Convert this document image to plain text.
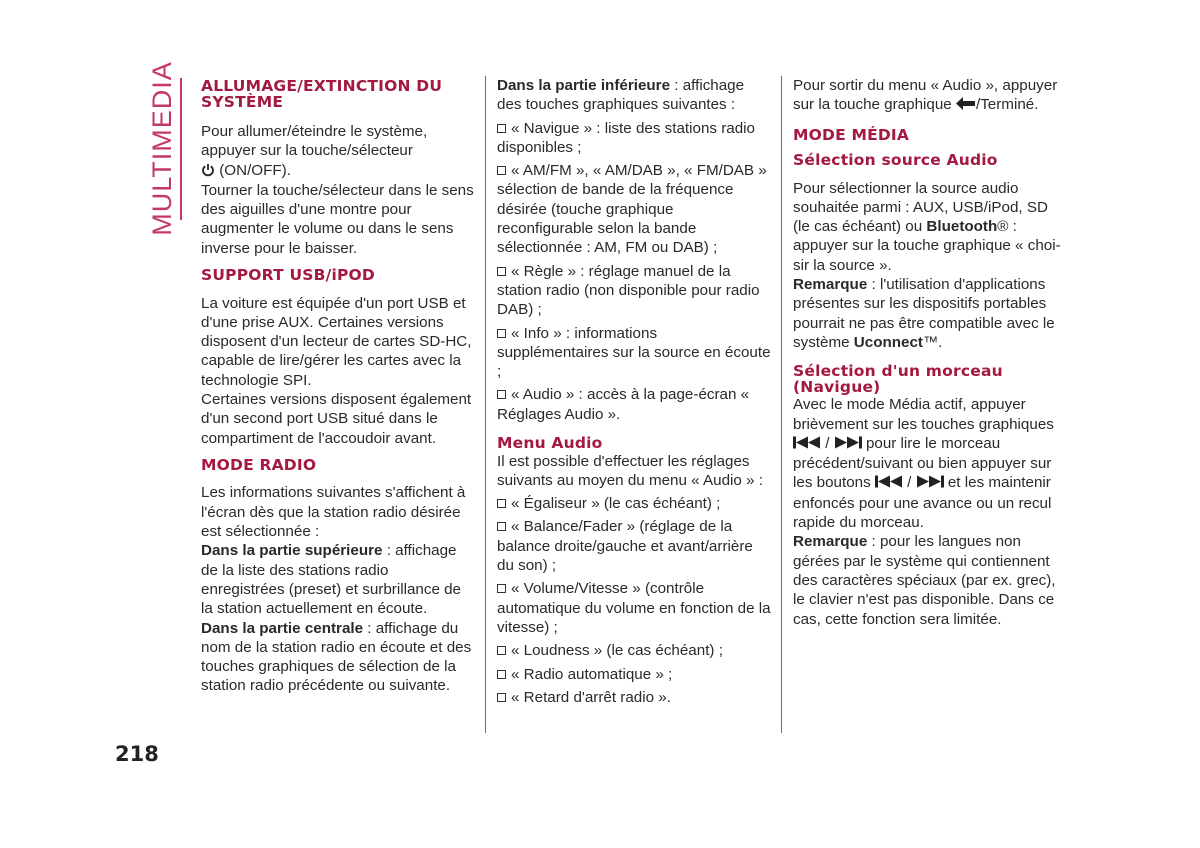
MULTIMEDIA ALLUMAGE/EXTINCTION DU SYSTÈME

Pour allumer/éteindre le système, appuyer sur la touche/sélecteur
(ON/OFF).

Tourner la touche/sélecteur dans le sens des aiguilles d'une montre pour augmenter le volume ou dans le sens inverse pour le baisser.

SUPPORT USB/iPOD

La voiture est équipée d'un port USB et d'une prise AUX. Certaines versions disposent d'un lecteur de cartes SD-HC, capable de lire/gérer les cartes avec la technologie SPI.

Certaines versions disposent également d'un second port USB situé dans le compartiment de l'accoudoir avant.

MODE RADIO

Les informations suivantes s'affichent à l'écran dès que la station radio désirée est sélectionnée :

Dans la partie supérieure : affichage de la liste des stations radio enregistrées (preset) et surbrillance de la station actuellement en écoute.

Dans la partie centrale : affichage du nom de la station radio en écoute et des touches graphiques de sélection de la station radio précédente ou suivante.

Dans la partie inférieure : affichage des touches graphiques suivantes :

« Navigue » : liste des stations radio disponibles ;

« AM/FM », « AM/DAB », « FM/DAB » sélection de bande de la fréquence désirée (touche graphique reconfigurable selon la bande sélectionnée : AM, FM ou DAB) ;

« Règle » : réglage manuel de la station radio (non disponible pour radio DAB) ;

« Info » : informations supplémentaires sur la source en écoute ;

« Audio » : accès à la page-écran « Réglages Audio ».

Menu Audio

Il est possible d'effectuer les réglages suivants au moyen du menu « Audio » :

« Égaliseur » (le cas échéant) ;

« Balance/Fader » (réglage de la balance droite/gauche et avant/arrière du son) ;

« Volume/Vitesse » (contrôle automatique du volume en fonction de la vitesse) ;

« Loudness » (le cas échéant) ;

« Radio automatique » ;

« Retard d'arrêt radio ».

Pour sortir du menu « Audio », appuyer sur la touche graphique /Terminé.

MODE MÉDIA
Sélection source Audio

Pour sélectionner la source audio souhaitée parmi : AUX, USB/iPod, SD (le cas échéant) ou Bluetooth® : appuyer sur la touche graphique « choi-sir la source ».

Remarque : l'utilisation d'applications présentes sur les dispositifs portables pourrait ne pas être compatible avec le système Uconnect™.

Sélection d'un morceau (Navigue)

Avec le mode Média actif, appuyer brièvement sur les touches graphiques
/ pour lire le morceau précédent/suivant ou bien appuyer sur les boutons / et les maintenir enfoncés pour une avance ou un recul rapide du morceau.

Remarque : pour les langues non gérées par le système qui contiennent des caractères spéciaux (par ex. grec), le clavier n'est pas disponible. Dans ce cas, cette fonction sera limitée.

218
